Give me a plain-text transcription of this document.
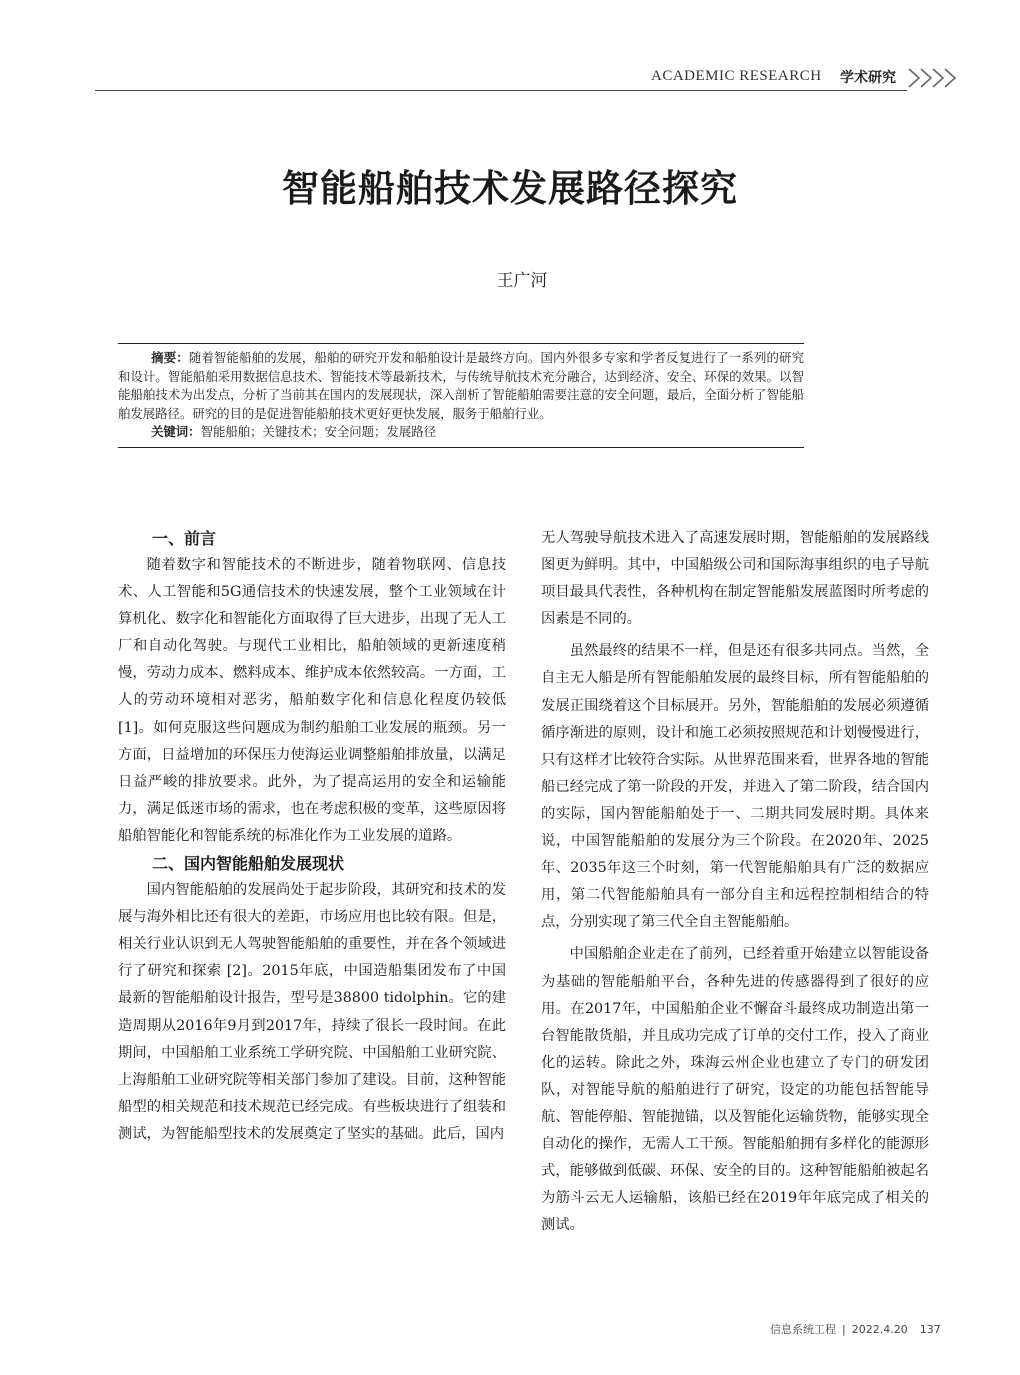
ACADEMIC RESEARCH 学术研究
智能船舶技术发展路径探究
王广河
摘要：随着智能船舶的发展，船舶的研究开发和船舶设计是最终方向。国内外很多专家和学者反复进行了一系列的研究和设计。智能船舶采用数据信息技术、智能技术等最新技术，与传统导航技术充分融合，达到经济、安全、环保的效果。以智能船舶技术为出发点，分析了当前其在国内的发展现状，深入剖析了智能船舶需要注意的安全问题，最后，全面分析了智能船舶发展路径。研究的目的是促进智能船舶技术更好更快发展，服务于船舶行业。
关键词：智能船舶；关键技术；安全问题；发展路径
一、前言

随着数字和智能技术的不断进步，随着物联网、信息技术、人工智能和5G通信技术的快速发展，整个工业领域在计算机化、数字化和智能化方面取得了巨大进步，出现了无人工厂和自动化驾驶。与现代工业相比，船舶领域的更新速度稍慢，劳动力成本、燃料成本、维护成本依然较高。一方面，工人的劳动环境相对恶劣，船舶数字化和信息化程度仍较低 [1]。如何克服这些问题成为制约船舶工业发展的瓶颈。另一方面，日益增加的环保压力使海运业调整船舶排放量，以满足日益严峻的排放要求。此外，为了提高运用的安全和运输能力，满足低迷市场的需求，也在考虑积极的变革，这些原因将船舶智能化和智能系统的标准化作为工业发展的道路。

二、国内智能船舶发展现状

国内智能船舶的发展尚处于起步阶段，其研究和技术的发展与海外相比还有很大的差距，市场应用也比较有限。但是，相关行业认识到无人驾驶智能船舶的重要性，并在各个领域进行了研究和探索 [2]。2015年底，中国造船集团发布了中国最新的智能船舶设计报告，型号是38800 tidolphin。它的建造周期从2016年9月到2017年，持续了很长一段时间。在此期间，中国船舶工业系统工学研究院、中国船舶工业研究院、上海船舶工业研究院等相关部门参加了建设。目前，这种智能船型的相关规范和技术规范已经完成。有些板块进行了组装和测试，为智能船型技术的发展奠定了坚实的基础。此后，国内

无人驾驶导航技术进入了高速发展时期，智能船舶的发展路线图更为鲜明。其中，中国船级公司和国际海事组织的电子导航项目最具代表性，各种机构在制定智能船发展蓝图时所考虑的因素是不同的。

虽然最终的结果不一样，但是还有很多共同点。当然，全自主无人船是所有智能船舶发展的最终目标，所有智能船舶的发展正围绕着这个目标展开。另外，智能船舶的发展必须遵循循序渐进的原则，设计和施工必须按照规范和计划慢慢进行，只有这样才比较符合实际。从世界范围来看，世界各地的智能船已经完成了第一阶段的开发，并进入了第二阶段，结合国内的实际，国内智能船舶处于一、二期共同发展时期。具体来说，中国智能船舶的发展分为三个阶段。在2020年、2025年、2035年这三个时刻，第一代智能船舶具有广泛的数据应用，第二代智能船舶具有一部分自主和远程控制相结合的特点，分别实现了第三代全自主智能船舶。

中国船舶企业走在了前列，已经着重开始建立以智能设备为基础的智能船舶平台，各种先进的传感器得到了很好的应用。在2017年，中国船舶企业不懈奋斗最终成功制造出第一台智能散货船，并且成功完成了订单的交付工作，投入了商业化的运转。除此之外，珠海云州企业也建立了专门的研发团队，对智能导航的船舶进行了研究，设定的功能包括智能导航、智能停船、智能抛锚，以及智能化运输货物，能够实现全自动化的操作，无需人工干预。智能船舶拥有多样化的能源形式，能够做到低碳、环保、安全的目的。这种智能船舶被起名为筋斗云无人运输船，该船已经在2019年年底完成了相关的测试。

信息系统工程 | 2022.4.20 137
